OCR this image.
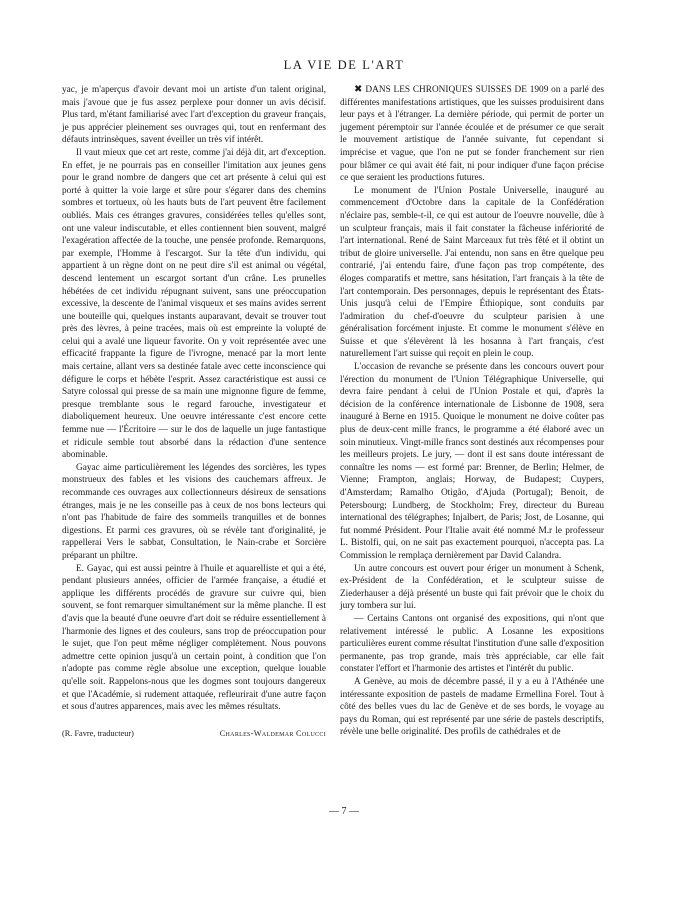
LA VIE DE L'ART

yac, je m'aperçus d'avoir devant moi un artiste d'un talent original, mais j'avoue que je fus assez perplexe pour donner un avis décisif. Plus tard, m'étant familiarisé avec l'art d'exception du graveur français, je pus apprécier pleinement ses ouvrages qui, tout en renfermant des défauts intrinsèques, savent éveiller un très vif intérêt.

Il vaut mieux que cet art reste, comme j'ai déjà dit, art d'exception. En effet, je ne pourrais pas en conseiller l'imitation aux jeunes gens pour le grand nombre de dangers que cet art présente à celui qui est porté à quitter la voie large et sûre pour s'égarer dans des chemins sombres et tortueux, où les hauts buts de l'art peuvent être facilement oubliés. Mais ces étranges gravures, considérées telles qu'elles sont, ont une valeur indiscutable, et elles contiennent bien souvent, malgré l'exagération affectée de la touche, une pensée profonde. Remarquons, par exemple, l'Homme à l'escargot. Sur la tête d'un individu, qui appartient à un règne dont on ne peut dire s'il est animal ou végétal, descend lentement un escargot sortant d'un crâne. Les prunelles hébétées de cet individu répugnant suivent, sans une préoccupation excessive, la descente de l'animal visqueux et ses mains avides serrent une bouteille qui, quelques instants auparavant, devait se trouver tout près des lèvres, à peine tracées, mais où est empreinte la volupté de celui qui a avalé une liqueur favorite. On y voit représentée avec une efficacité frappante la figure de l'ivrogne, menacé par la mort lente mais certaine, allant vers sa destinée fatale avec cette inconscience qui défigure le corps et hébète l'esprit. Assez caractéristique est aussi ce Satyre colossal qui presse de sa main une mignonne figure de femme, presque tremblante sous le regard farouche, investigateur et diaboliquement heureux. Une oeuvre intéressante c'est encore cette femme nue — l'Écritoire — sur le dos de laquelle un juge fantastique et ridicule semble tout absorbé dans la rédaction d'une sentence abominable.

Gayac aime particulièrement les légendes des sorcières, les types monstrueux des fables et les visions des cauchemars affreux. Je recommande ces ouvrages aux collectionneurs désireux de sensations étranges, mais je ne les conseille pas à ceux de nos bons lecteurs qui n'ont pas l'habitude de faire des sommeils tranquilles et de bonnes digestions. Et parmi ces gravures, où se révèle tant d'originalité, je rappellerai Vers le sabbat, Consultation, le Nain-crabe et Sorcière préparant un philtre.

E. Gayac, qui est aussi peintre à l'huile et aquarelliste et qui a été, pendant plusieurs années, officier de l'armée française, a étudié et applique les différents procédés de gravure sur cuivre qui, bien souvent, se font remarquer simultanément sur la même planche. Il est d'avis que la beauté d'une oeuvre d'art doit se réduire essentiellement à l'harmonie des lignes et des couleurs, sans trop de préoccupation pour le sujet, que l'on peut même négliger complètement. Nous pouvons admettre cette opinion jusqu'à un certain point, à condition que l'on n'adopte pas comme règle absolue une exception, quelque louable qu'elle soit. Rappelons-nous que les dogmes sont toujours dangereux et que l'Académie, si rudement attaquée, refleurirait d'une autre façon et sous d'autres apparences, mais avec les mêmes résultats.

(R. Favre, traducteur)	Charles-Waldemar Colucci

✖ DANS LES CHRONIQUES SUISSES DE 1909 on a parlé des différentes manifestations artistiques, que les suisses produisirent dans leur pays et à l'étranger. La dernière période, qui permit de porter un jugement péremptoir sur l'année écoulée et de présumer ce que serait le mouvement artistique de l'année suivante, fut cependant si imprécise et vague, que l'on ne put se fonder franchement sur rien pour blâmer ce qui avait été fait, ni pour indiquer d'une façon précise ce que seraient les productions futures.

Le monument de l'Union Postale Universelle, inauguré au commencement d'Octobre dans la capitale de la Confédération n'éclaire pas, semble-t-il, ce qui est autour de l'oeuvre nouvelle, dûe à un sculpteur français, mais il fait constater la fâcheuse infériorité de l'art international. René de Saint Marceaux fut très fêté et il obtint un tribut de gloire universelle. J'ai entendu, non sans en être quelque peu contrarié, j'ai entendu faire, d'une façon pas trop compétente, des éloges comparatifs et mettre, sans hésitation, l'art français à la tête de l'art contemporain. Des personnages, depuis le représentant des États-Unis jusqu'à celui de l'Empire Éthiopique, sont conduits par l'admiration du chef-d'oeuvre du sculpteur parisien à une généralisation forcément injuste. Et comme le monument s'élève en Suisse et que s'élevèrent là les hosanna à l'art français, c'est naturellement l'art suisse qui reçoit en plein le coup.

L'occasion de revanche se présente dans les concours ouvert pour l'érection du monument de l'Union Télégraphique Universelle, qui devra faire pendant à celui de l'Union Postale et qui, d'après la décision de la conférence internationale de Lisbonne de 1908, sera inauguré à Berne en 1915. Quoique le monument ne doive coûter pas plus de deux-cent mille francs, le programme a été élaboré avec un soin minutieux. Vingt-mille francs sont destinés aux récompenses pour les meilleurs projets. Le jury, — dont il est sans doute intéressant de connaître les noms — est formé par: Brenner, de Berlin; Helmer, de Vienne; Frampton, anglais; Horway, de Budapest; Cuypers, d'Amsterdam; Ramalho Otigão, d'Ajuda (Portugal); Benoit, de Petersbourg; Lundberg, de Stockholm; Frey, directeur du Bureau international des télégraphes; Injalbert, de Paris; Jost, de Losanne, qui fut nommé Président. Pour l'Italie avait été nommé M.r le professeur L. Bistolfi, qui, on ne sait pas exactement pourquoi, n'accepta pas. La Commission le remplaça dernièrement par David Calandra.

Un autre concours est ouvert pour ériger un monument à Schenk, ex-Président de la Confédération, et le sculpteur suisse de Ziederhauser a déjà présenté un buste qui fait prévoir que le choix du jury tombera sur lui.

— Certains Cantons ont organisé des expositions, qui n'ont que relativement intéressé le public. A Losanne les expositions particulières eurent comme résultat l'institution d'une salle d'exposition permanente, pas trop grande, mais très appréciable, car elle fait constater l'effort et l'harmonie des artistes et l'intérêt du public.

A Genève, au mois de décembre passé, il y a eu à l'Athénée une intéressante exposition de pastels de madame Ermellina Forel. Tout à côté des belles vues du lac de Genève et de ses bords, le voyage au pays du Roman, qui est représenté par une série de pastels descriptifs, révèle une belle originalité. Des profils de cathédrales et de

— 7 —
